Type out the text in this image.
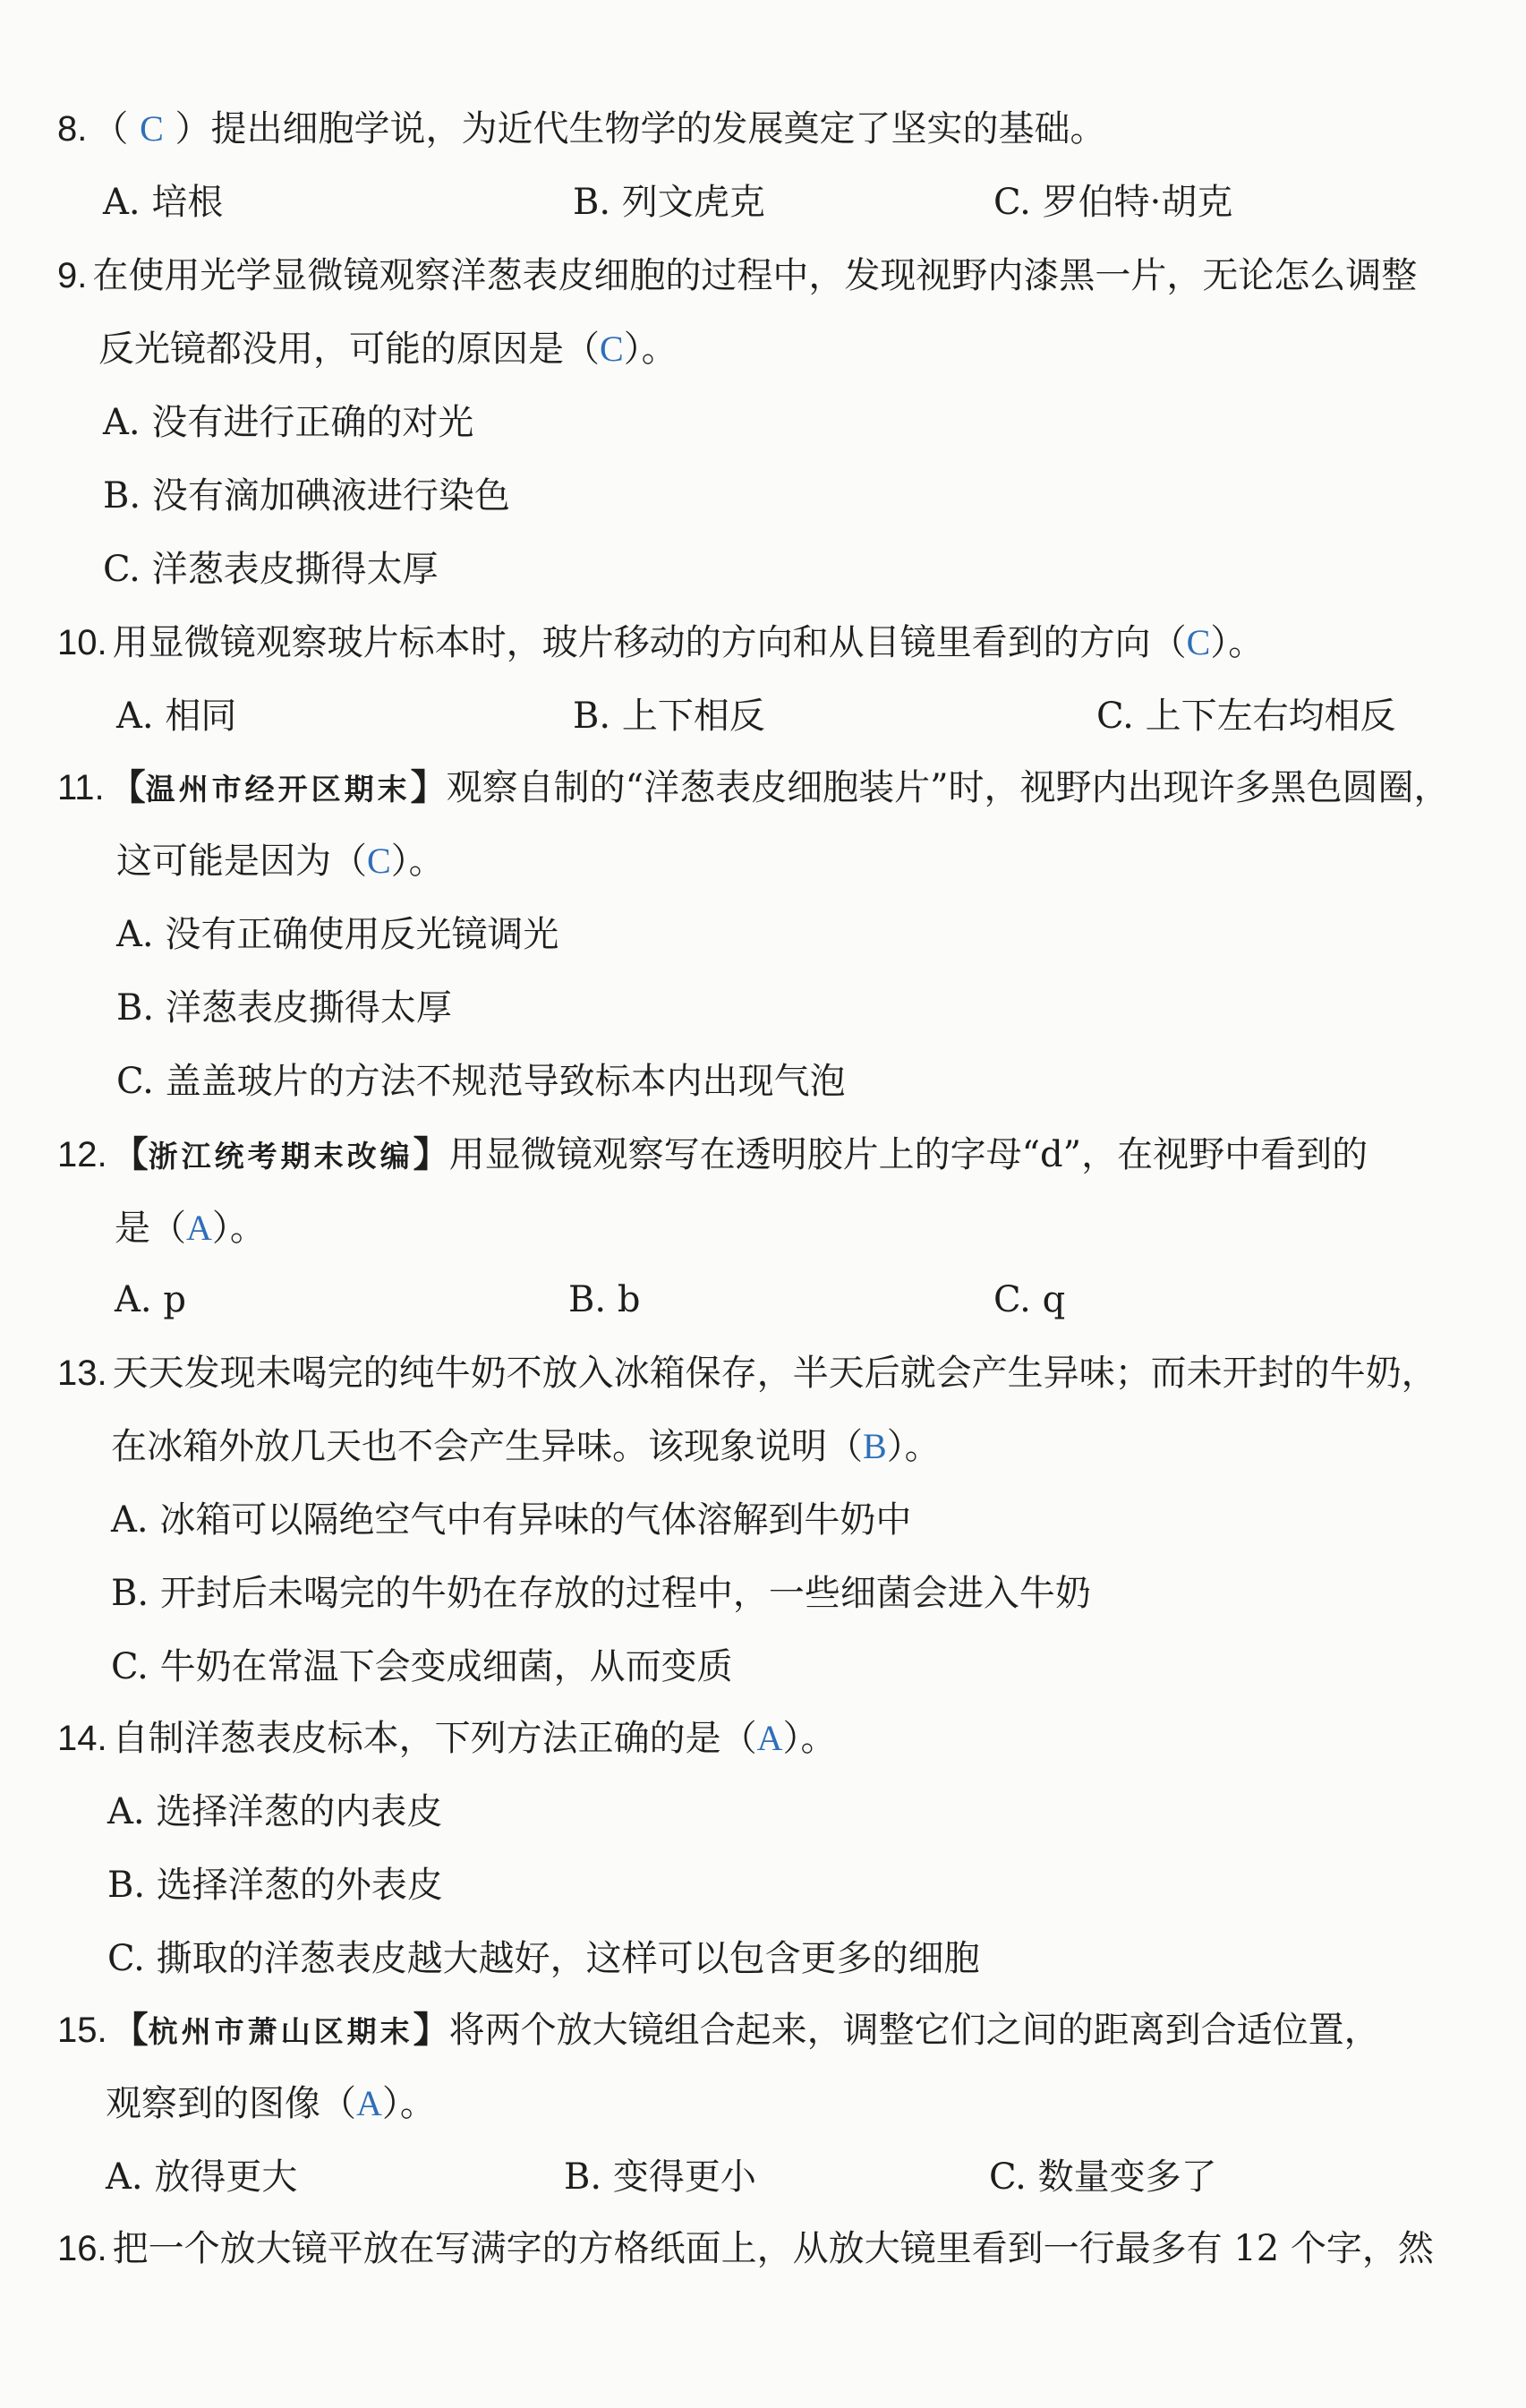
8. （ C ）提出细胞学说，为近代生物学的发展奠定了坚实的基础。
A. 培根	B. 列文虎克	C. 罗伯特·胡克
9. 在使用光学显微镜观察洋葱表皮细胞的过程中，发现视野内漆黑一片，无论怎么调整
反光镜都没用，可能的原因是（C）。
A. 没有进行正确的对光
B. 没有滴加碘液进行染色
C. 洋葱表皮撕得太厚
10. 用显微镜观察玻片标本时，玻片移动的方向和从目镜里看到的方向（C）。
A. 相同	B. 上下相反	C. 上下左右均相反
11. 【温州市经开区期末】观察自制的“洋葱表皮细胞装片”时，视野内出现许多黑色圆圈，
这可能是因为（C）。
A. 没有正确使用反光镜调光
B. 洋葱表皮撕得太厚
C. 盖盖玻片的方法不规范导致标本内出现气泡
12. 【浙江统考期末改编】用显微镜观察写在透明胶片上的字母“d”，在视野中看到的
是（A）。
A. p	B. b	C. q
13. 天天发现未喝完的纯牛奶不放入冰箱保存，半天后就会产生异味；而未开封的牛奶，
在冰箱外放几天也不会产生异味。该现象说明（B）。
A. 冰箱可以隔绝空气中有异味的气体溶解到牛奶中
B. 开封后未喝完的牛奶在存放的过程中，一些细菌会进入牛奶
C. 牛奶在常温下会变成细菌，从而变质
14. 自制洋葱表皮标本，下列方法正确的是（A）。
A. 选择洋葱的内表皮
B. 选择洋葱的外表皮
C. 撕取的洋葱表皮越大越好，这样可以包含更多的细胞
15. 【杭州市萧山区期末】将两个放大镜组合起来，调整它们之间的距离到合适位置，
观察到的图像（A）。
A. 放得更大	B. 变得更小	C. 数量变多了
16. 把一个放大镜平放在写满字的方格纸面上，从放大镜里看到一行最多有 12 个字，然
